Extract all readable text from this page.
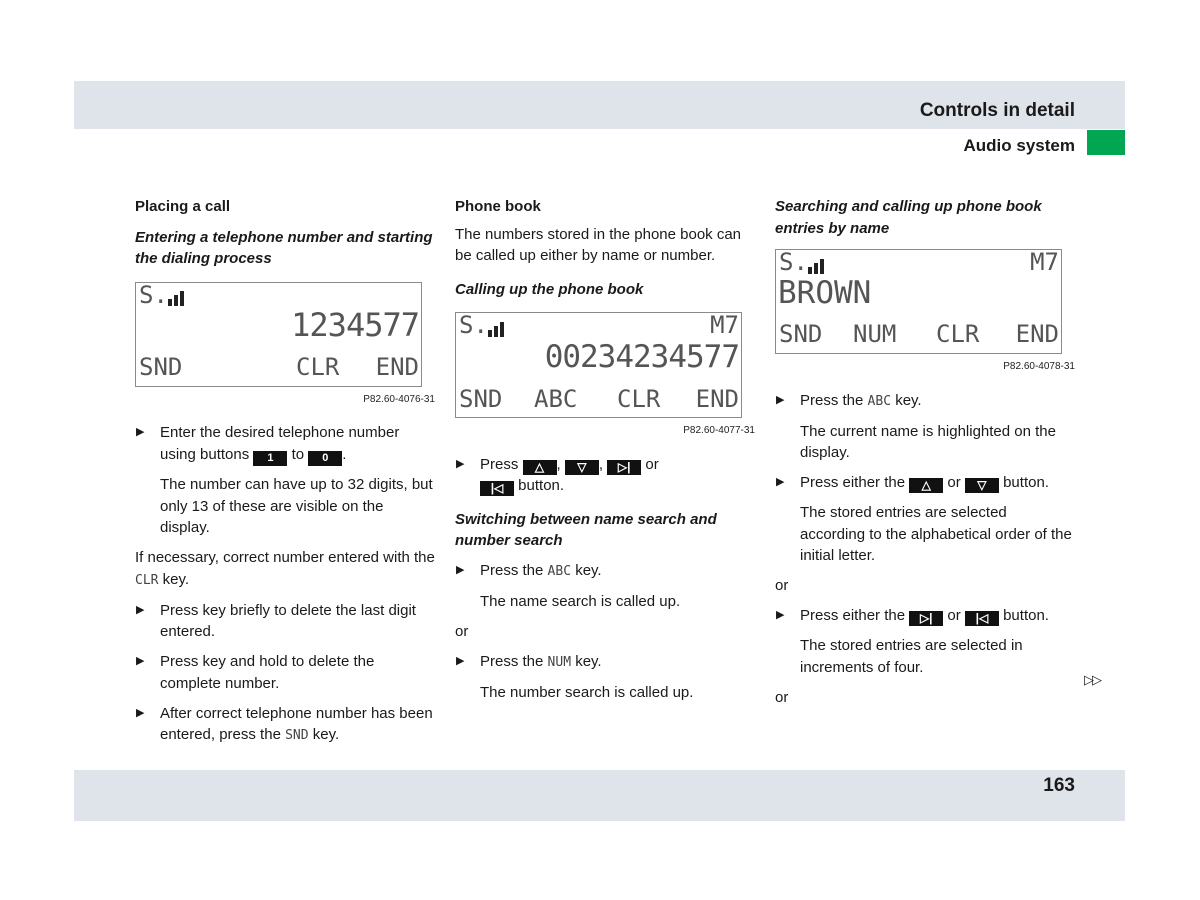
Controls in detail
Audio system

Placing a call

Entering a telephone number and starting the dialing process

S.
1234577
SND	CLR END
P82.60-4076-31

▶ Enter the desired telephone number using buttons 1 to 0 .

The number can have up to 32 digits, but only 13 of these are visible on the display.

If necessary, correct number entered with the CLR key.

▶ Press key briefly to delete the last digit entered.

▶ Press key and hold to delete the complete number.

▶ After correct telephone number has been entered, press the SND key.

Phone book

The numbers stored in the phone book can be called up either by name or number.

Calling up the phone book

S.	M7
00234234577
SND ABC CLR END
P82.60-4077-31

▶ Press △ , ▽ , ▷| or
|◁ button.

Switching between name search and number search

▶ Press the ABC key.

The name search is called up.

or

▶ Press the NUM key.

The number search is called up.

Searching and calling up phone book entries by name

S.	M7
BROWN
SND NUM CLR END
P82.60-4078-31

▶ Press the ABC key.

The current name is highlighted on the display.

▶ Press either the △ or ▽ button.

The stored entries are selected according to the alphabetical order of the initial letter.

or

▶ Press either the ▷| or |◁ button.

The stored entries are selected in increments of four.

or

▷▷
163
